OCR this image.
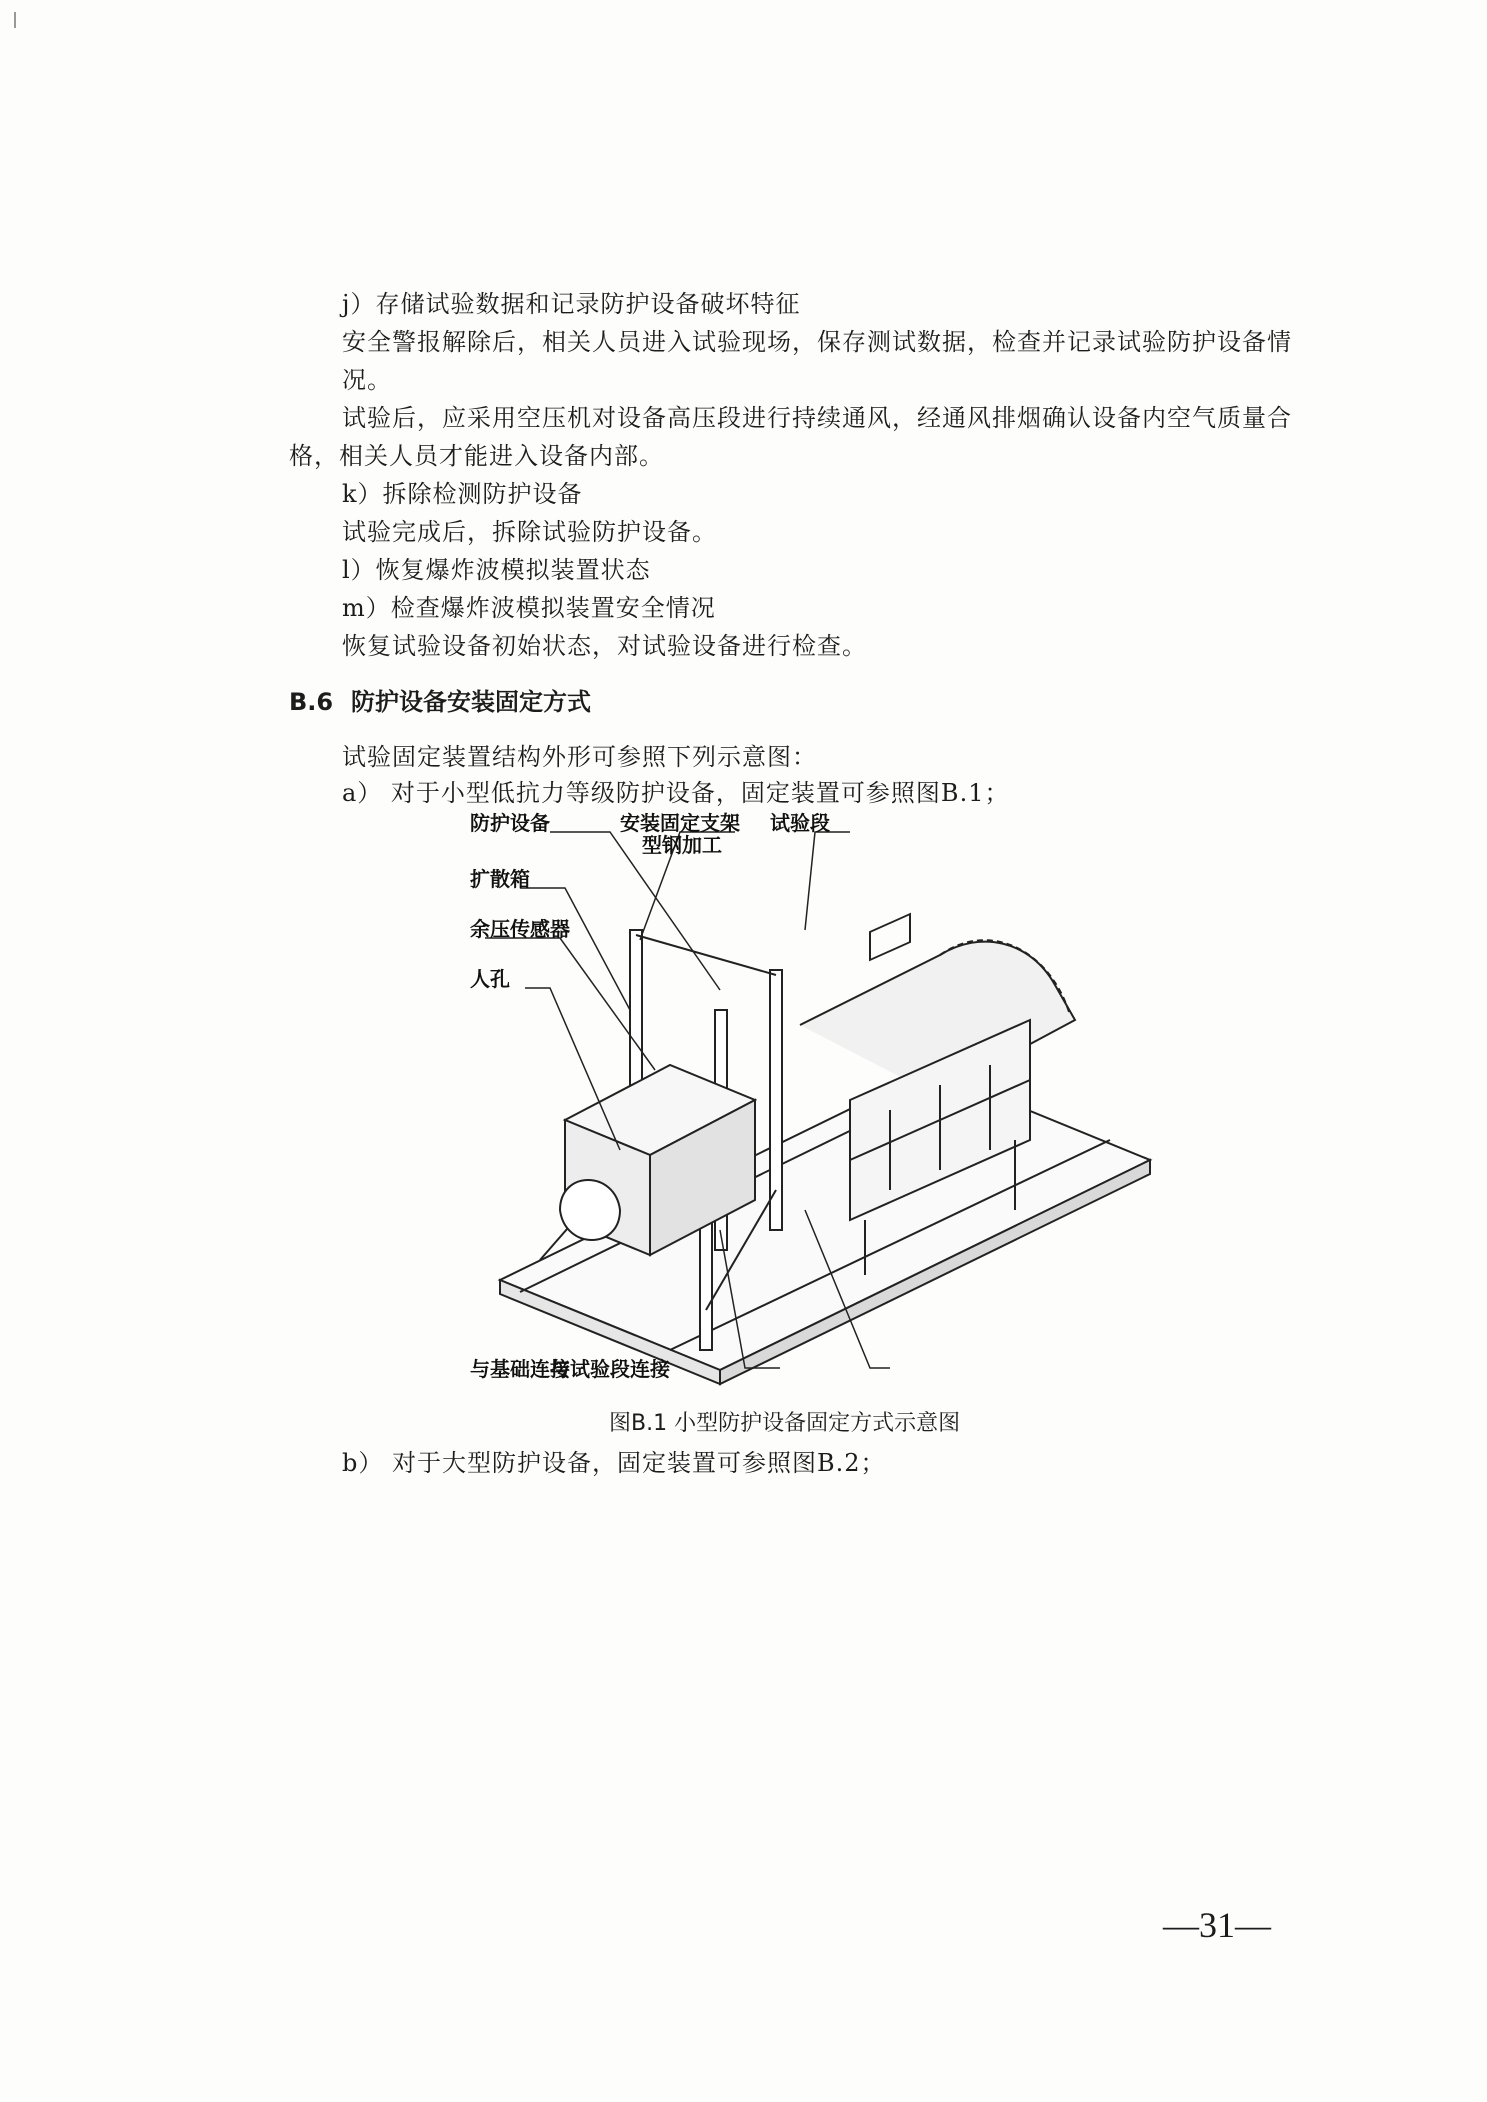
j）存储试验数据和记录防护设备破坏特征
安全警报解除后，相关人员进入试验现场，保存测试数据，检查并记录试验防护设备情
况。
试验后，应采用空压机对设备高压段进行持续通风，经通风排烟确认设备内空气质量合
格，相关人员才能进入设备内部。
k）拆除检测防护设备
试验完成后，拆除试验防护设备。
l）恢复爆炸波模拟装置状态
m）检查爆炸波模拟装置安全情况
恢复试验设备初始状态，对试验设备进行检查。
B.6 防护设备安装固定方式
试验固定装置结构外形可参照下列示意图：
a） 对于小型低抗力等级防护设备，固定装置可参照图B.1；
防护设备	安装固定支架
型钢加工
试验段
扩散箱
余压传感器
人孔
与基础连接
与试验段连接
图B.1 小型防护设备固定方式示意图
b） 对于大型防护设备，固定装置可参照图B.2；
—31—
